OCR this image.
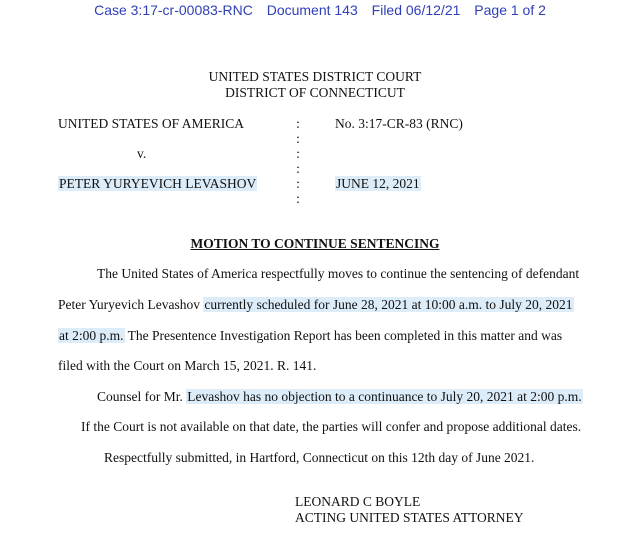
Case 3:17-cr-00083-RNC Document 143 Filed 06/12/21 Page 1 of 2
UNITED STATES DISTRICT COURT
DISTRICT OF CONNECTICUT
UNITED STATES OF AMERICA
v.
PETER YURYEVICH LEVASHOV
No. 3:17-CR-83 (RNC)
JUNE 12, 2021
:
:
:
:
:
:
MOTION TO CONTINUE SENTENCING
The United States of America respectfully moves to continue the sentencing of defendant
Peter Yuryevich Levashov currently scheduled for June 28, 2021 at 10:00 a.m. to July 20, 2021
at 2:00 p.m. The Presentence Investigation Report has been completed in this matter and was
filed with the Court on March 15, 2021. R. 141.
Counsel for Mr. Levashov has no objection to a continuance to July 20, 2021 at 2:00 p.m.
If the Court is not available on that date, the parties will confer and propose additional dates.
Respectfully submitted, in Hartford, Connecticut on this 12th day of June 2021.
LEONARD C BOYLE
ACTING UNITED STATES ATTORNEY
